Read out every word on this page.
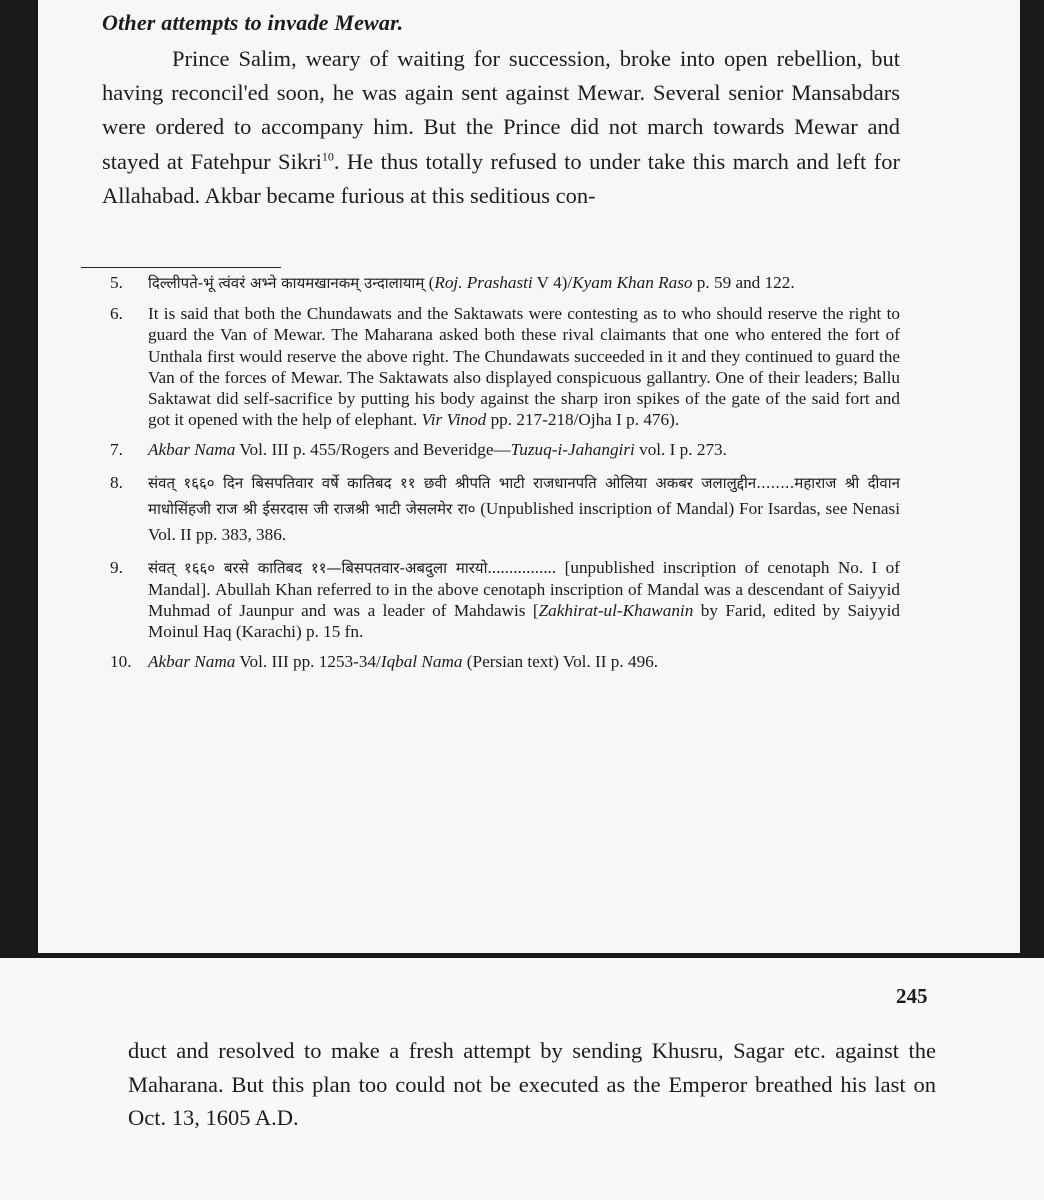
Other attempts to invade Mewar.
Prince Salim, weary of waiting for succession, broke into open rebellion, but having reconcil'ed soon, he was again sent against Mewar. Several senior Mansabdars were ordered to accompany him. But the Prince did not march towards Mewar and stayed at Fatehpur Sikri$^{10}$. He thus totally refused to under take this march and left for Allahabad. Akbar became furious at this seditious con-
5. दिल्लीपते-भूं त्वंवरं अभ्ने कायमखानकम् उन्दालायाम् (Roj. Prashasti V 4)/Kyam Khan Raso p. 59 and 122.
6. It is said that both the Chundawats and the Saktawats were contesting as to who should reserve the right to guard the Van of Mewar. The Maharana asked both these rival claimants that one who entered the fort of Unthala first would reserve the above right. The Chundawats succeeded in it and they continued to guard the Van of the forces of Mewar. The Saktawats also displayed conspicuous gallantry. One of their leaders; Ballu Saktawat did self-sacrifice by putting his body against the sharp iron spikes of the gate of the said fort and got it opened with the help of elephant. Vir Vinod pp. 217-218/Ojha I p. 476).
7. Akbar Nama Vol. III p. 455/Rogers and Beveridge—Tuzuq-i-Jahangiri vol. I p. 273.
8. संवत् १६६० दिन बिसपतिवार वर्षे कातिबद ११ छवी श्रीपति भाटी राजधानपति ओलिया अकबर जलालुद्दीन........महाराज श्री दीवान माधोसिंहजी राज श्री ईसरदास जी राजश्री भाटी जेसलमेर रा० (Unpublished inscription of Mandal) For Isardas, see Nenasi Vol. II pp. 383, 386.
9. संवत् १६६० बरसे कातिबद ११—बिसपतवार-अबदुला मारयो................ [unpublished inscription of cenotaph No. I of Mandal]. Abullah Khan referred to in the above cenotaph inscription of Mandal was a descendant of Saiyyid Muhmad of Jaunpur and was a leader of Mahdawis [Zakhirat-ul-Khawanin by Farid, edited by Saiyyid Moinul Haq (Karachi) p. 15 fn.
10. Akbar Nama Vol. III pp. 1253-34/Iqbal Nama (Persian text) Vol. II p. 496.
245
duct and resolved to make a fresh attempt by sending Khusru, Sagar etc. against the Maharana. But this plan too could not be executed as the Emperor breathed his last on Oct. 13, 1605 A.D.
